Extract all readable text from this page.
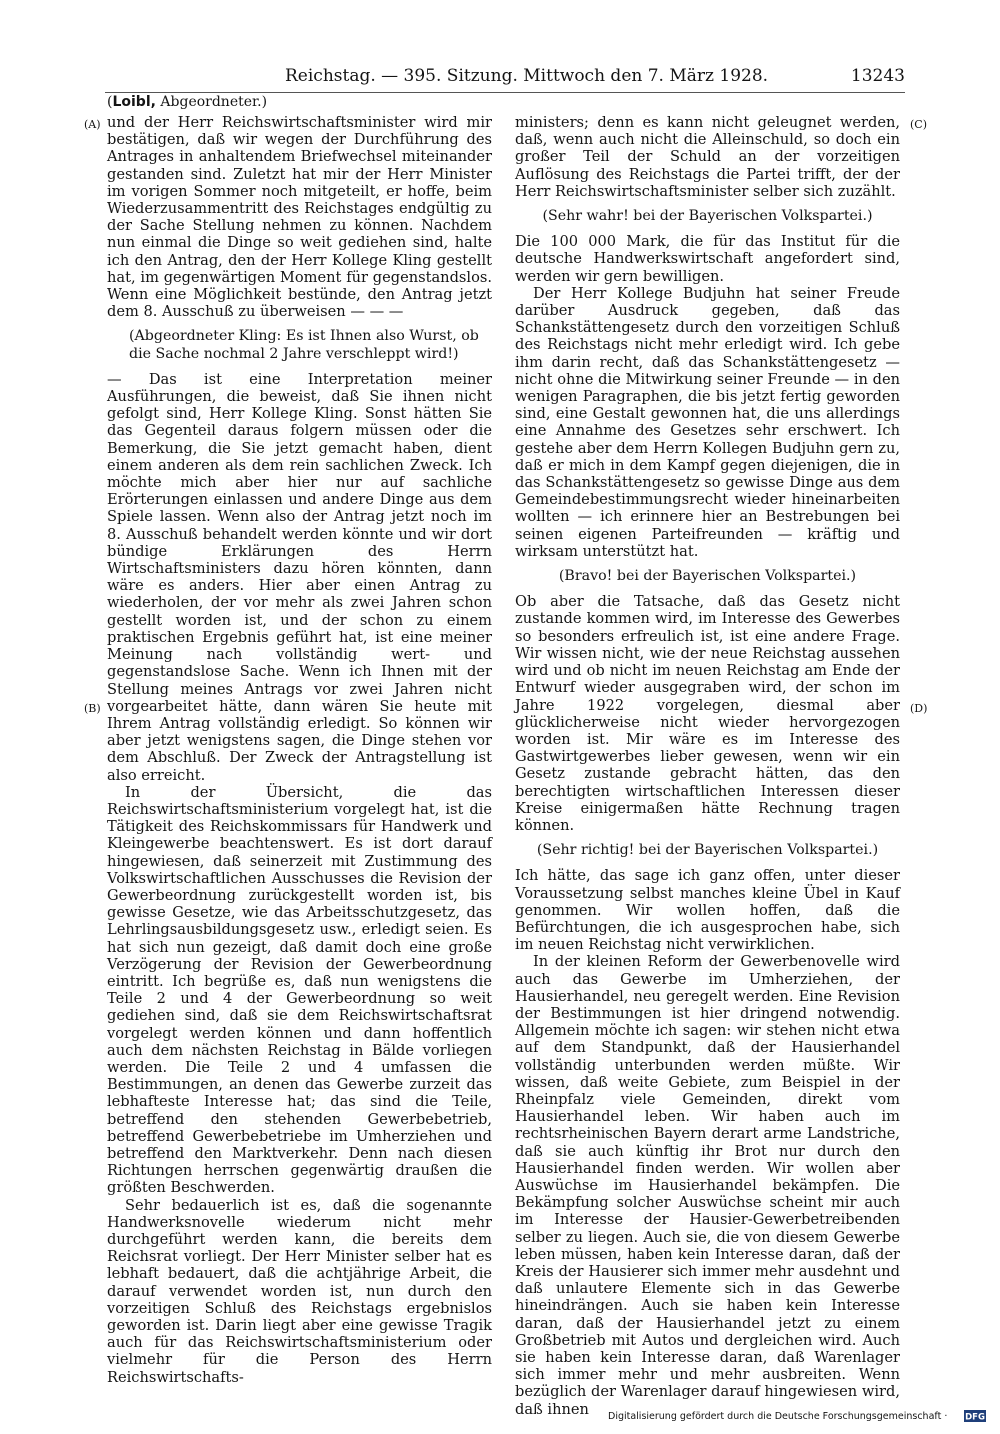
Reichstag. — 395. Sitzung. Mittwoch den 7. März 1928.	13243
(Loibl, Abgeordneter.)
(A)
(B)
(C)
(D)

und der Herr Reichswirtschaftsminister wird mir bestätigen, daß wir wegen der Durchführung des Antrages in anhaltendem Briefwechsel miteinander gestanden sind. Zuletzt hat mir der Herr Minister im vorigen Sommer noch mitgeteilt, er hoffe, beim Wiederzusammentritt des Reichstages endgültig zu der Sache Stellung nehmen zu können. Nachdem nun einmal die Dinge so weit gediehen sind, halte ich den Antrag, den der Herr Kollege Kling gestellt hat, im gegenwärtigen Moment für gegenstandslos. Wenn eine Möglichkeit bestünde, den Antrag jetzt dem 8. Ausschuß zu überweisen — — —

(Abgeordneter Kling: Es ist Ihnen also Wurst, ob die Sache nochmal 2 Jahre verschleppt wird!)

— Das ist eine Interpretation meiner Ausführungen, die beweist, daß Sie ihnen nicht gefolgt sind, Herr Kollege Kling. Sonst hätten Sie das Gegenteil daraus folgern müssen oder die Bemerkung, die Sie jetzt gemacht haben, dient einem anderen als dem rein sachlichen Zweck. Ich möchte mich aber hier nur auf sachliche Erörterungen einlassen und andere Dinge aus dem Spiele lassen. Wenn also der Antrag jetzt noch im 8. Ausschuß behandelt werden könnte und wir dort bündige Erklärungen des Herrn Wirtschaftsministers dazu hören könnten, dann wäre es anders. Hier aber einen Antrag zu wiederholen, der vor mehr als zwei Jahren schon gestellt worden ist, und der schon zu einem praktischen Ergebnis geführt hat, ist eine meiner Meinung nach vollständig wert- und gegenstandslose Sache. Wenn ich Ihnen mit der Stellung meines Antrags vor zwei Jahren nicht vorgearbeitet hätte, dann wären Sie heute mit Ihrem Antrag vollständig erledigt. So können wir aber jetzt wenigstens sagen, die Dinge stehen vor dem Abschluß. Der Zweck der Antragstellung ist also erreicht.

In der Übersicht, die das Reichswirtschaftsministerium vorgelegt hat, ist die Tätigkeit des Reichskommissars für Handwerk und Kleingewerbe beachtenswert. Es ist dort darauf hingewiesen, daß seinerzeit mit Zustimmung des Volkswirtschaftlichen Ausschusses die Revision der Gewerbeordnung zurückgestellt worden ist, bis gewisse Gesetze, wie das Arbeitsschutzgesetz, das Lehrlingsausbildungsgesetz usw., erledigt seien. Es hat sich nun gezeigt, daß damit doch eine große Verzögerung der Revision der Gewerbeordnung eintritt. Ich begrüße es, daß nun wenigstens die Teile 2 und 4 der Gewerbeordnung so weit gediehen sind, daß sie dem Reichswirtschaftsrat vorgelegt werden können und dann hoffentlich auch dem nächsten Reichstag in Bälde vorliegen werden. Die Teile 2 und 4 umfassen die Bestimmungen, an denen das Gewerbe zurzeit das lebhafteste Interesse hat; das sind die Teile, betreffend den stehenden Gewerbebetrieb, betreffend Gewerbebetriebe im Umherziehen und betreffend den Marktverkehr. Denn nach diesen Richtungen herrschen gegenwärtig draußen die größten Beschwerden.

Sehr bedauerlich ist es, daß die sogenannte Handwerksnovelle wiederum nicht mehr durchgeführt werden kann, die bereits dem Reichsrat vorliegt. Der Herr Minister selber hat es lebhaft bedauert, daß die achtjährige Arbeit, die darauf verwendet worden ist, nun durch den vorzeitigen Schluß des Reichstags ergebnislos geworden ist. Darin liegt aber eine gewisse Tragik auch für das Reichswirtschaftsministerium oder vielmehr für die Person des Herrn Reichswirtschafts-

ministers; denn es kann nicht geleugnet werden, daß, wenn auch nicht die Alleinschuld, so doch ein großer Teil der Schuld an der vorzeitigen Auflösung des Reichstags die Partei trifft, der der Herr Reichswirtschaftsminister selber sich zuzählt.

(Sehr wahr! bei der Bayerischen Volkspartei.)

Die 100 000 Mark, die für das Institut für die deutsche Handwerkswirtschaft angefordert sind, werden wir gern bewilligen.

Der Herr Kollege Budjuhn hat seiner Freude darüber Ausdruck gegeben, daß das Schankstättengesetz durch den vorzeitigen Schluß des Reichstags nicht mehr erledigt wird. Ich gebe ihm darin recht, daß das Schankstättengesetz — nicht ohne die Mitwirkung seiner Freunde — in den wenigen Paragraphen, die bis jetzt fertig geworden sind, eine Gestalt gewonnen hat, die uns allerdings eine Annahme des Gesetzes sehr erschwert. Ich gestehe aber dem Herrn Kollegen Budjuhn gern zu, daß er mich in dem Kampf gegen diejenigen, die in das Schankstättengesetz so gewisse Dinge aus dem Gemeindebestimmungsrecht wieder hineinarbeiten wollten — ich erinnere hier an Bestrebungen bei seinen eigenen Parteifreunden — kräftig und wirksam unterstützt hat.

(Bravo! bei der Bayerischen Volkspartei.)

Ob aber die Tatsache, daß das Gesetz nicht zustande kommen wird, im Interesse des Gewerbes so besonders erfreulich ist, ist eine andere Frage. Wir wissen nicht, wie der neue Reichstag aussehen wird und ob nicht im neuen Reichstag am Ende der Entwurf wieder ausgegraben wird, der schon im Jahre 1922 vorgelegen, diesmal aber glücklicherweise nicht wieder hervorgezogen worden ist. Mir wäre es im Interesse des Gastwirtgewerbes lieber gewesen, wenn wir ein Gesetz zustande gebracht hätten, das den berechtigten wirtschaftlichen Interessen dieser Kreise einigermaßen hätte Rechnung tragen können.

(Sehr richtig! bei der Bayerischen Volkspartei.)

Ich hätte, das sage ich ganz offen, unter dieser Voraussetzung selbst manches kleine Übel in Kauf genommen. Wir wollen hoffen, daß die Befürchtungen, die ich ausgesprochen habe, sich im neuen Reichstag nicht verwirklichen.

In der kleinen Reform der Gewerbenovelle wird auch das Gewerbe im Umherziehen, der Hausierhandel, neu geregelt werden. Eine Revision der Bestimmungen ist hier dringend notwendig. Allgemein möchte ich sagen: wir stehen nicht etwa auf dem Standpunkt, daß der Hausierhandel vollständig unterbunden werden müßte. Wir wissen, daß weite Gebiete, zum Beispiel in der Rheinpfalz viele Gemeinden, direkt vom Hausierhandel leben. Wir haben auch im rechtsrheinischen Bayern derart arme Landstriche, daß sie auch künftig ihr Brot nur durch den Hausierhandel finden werden. Wir wollen aber Auswüchse im Hausierhandel bekämpfen. Die Bekämpfung solcher Auswüchse scheint mir auch im Interesse der Hausier-Gewerbetreibenden selber zu liegen. Auch sie, die von diesem Gewerbe leben müssen, haben kein Interesse daran, daß der Kreis der Hausierer sich immer mehr ausdehnt und daß unlautere Elemente sich in das Gewerbe hineindrängen. Auch sie haben kein Interesse daran, daß der Hausierhandel jetzt zu einem Großbetrieb mit Autos und dergleichen wird. Auch sie haben kein Interesse daran, daß Warenlager sich immer mehr und mehr ausbreiten. Wenn bezüglich der Warenlager darauf hingewiesen wird, daß ihnen	Digitalisierung gefördert durch die Deutsche Forschungsgemeinschaft · DFG
